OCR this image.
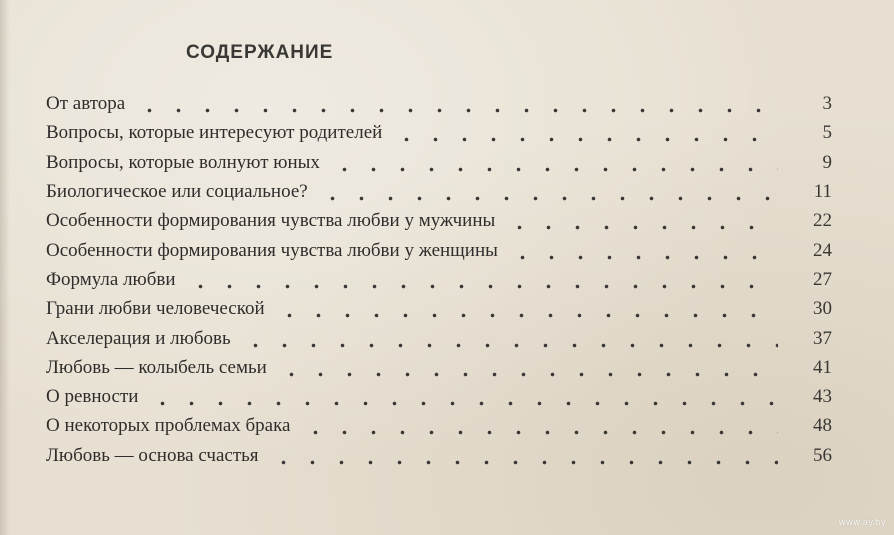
СОДЕРЖАНИЕ
От автора	3
Вопросы, которые интересуют родителей	5
Вопросы, которые волнуют юных	9
Биологическое или социальное?	11
Особенности формирования чувства любви у мужчины	22
Особенности формирования чувства любви у женщины	24
Формула любви	27
Грани любви человеческой	30
Акселерация и любовь	37
Любовь — колыбель семьи	41
О ревности	43
О некоторых проблемах брака	48
Любовь — основа счастья	56
www.ay.by
